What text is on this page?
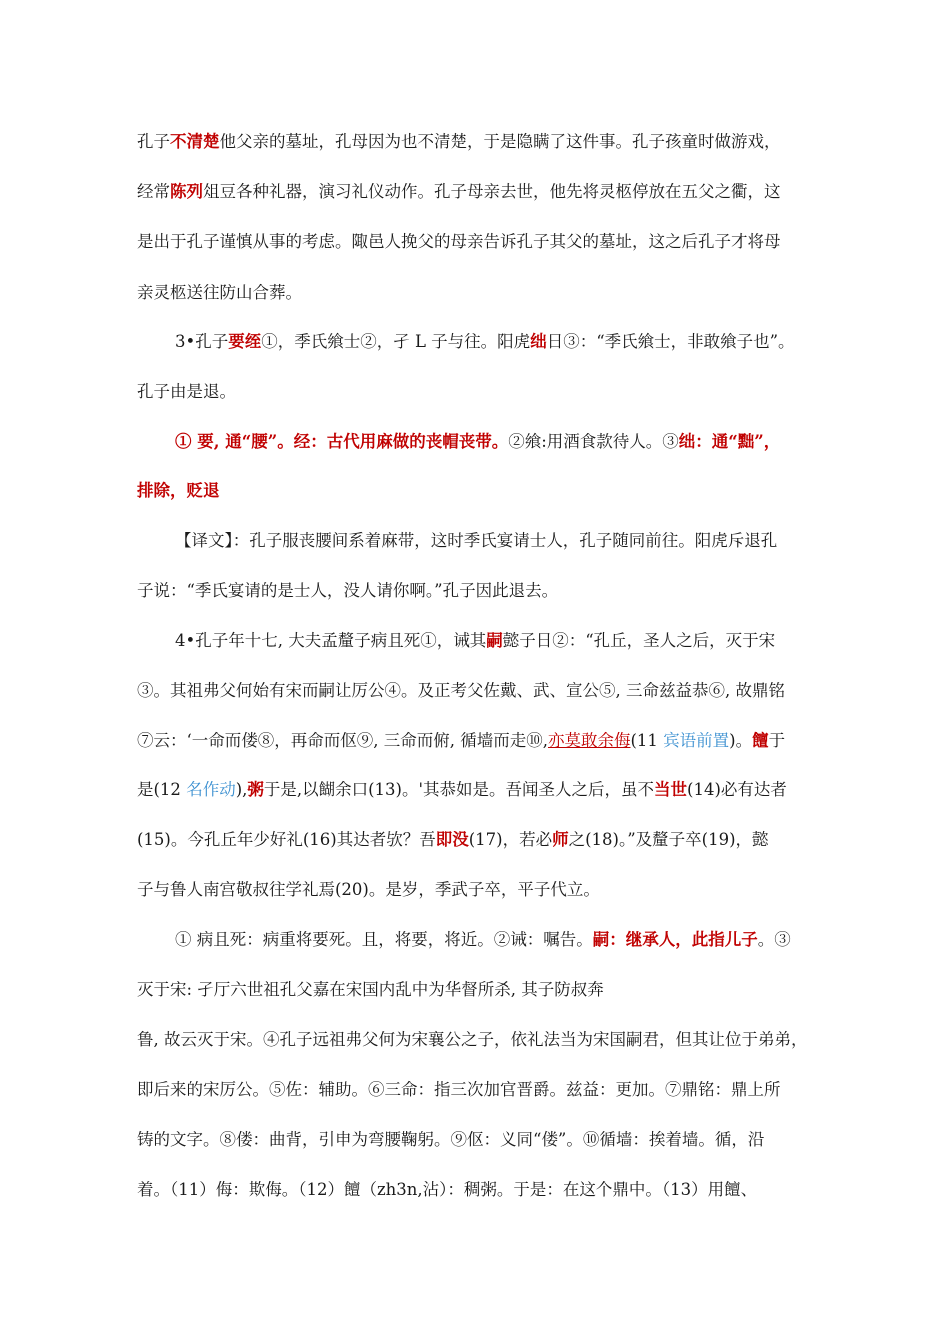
孔子不清楚他父亲的墓址，孔母因为也不清楚，于是隐瞒了这件事。孔子孩童时做游戏，
经常陈列俎豆各种礼器，演习礼仪动作。孔子母亲去世，他先将灵柩停放在五父之衢，这
是出于孔子谨慎从事的考虑。陬邑人挽父的母亲告诉孔子其父的墓址，这之后孔子才将母
亲灵柩送往防山合葬。
3•孔子要绖①，季氏飨士②，孑 L 子与往。阳虎绌日③：“季氏飨士，非敢飨子也”。
孔子由是退。
① 要, 通“腰”。经：古代用麻做的丧帽丧带。②飨:用酒食款待人。③绌：通“黜”，
排除，贬退
【译文】：孔子服丧腰间系着麻带，这时季氏宴请士人，孔子随同前往。阳虎斥退孔
子说：“季氏宴请的是士人，没人请你啊。”孔子因此退去。
4•孔子年十七, 大夫孟釐子病且死①，诫其嗣懿子日②：“孔丘，圣人之后，灭于宋
③。其祖弗父何始有宋而嗣让厉公④。及正考父佐戴、武、宣公⑤, 三命兹益恭⑥, 故鼎铭
⑦云：‘一命而偻⑧，再命而伛⑨, 三命而俯, 循墙而走⑩,亦莫敢余侮(11 宾语前置)。饘于
是(12 名作动),粥于是,以餬余口(13)。'其恭如是。吾闻圣人之后，虽不当世(14)必有达者
(15)。今孔丘年少好礼(16)其达者欤？吾即没(17)，若必师之(18)。”及釐子卒(19)，懿
子与鲁人南宫敬叔往学礼焉(20)。是岁，季武子卒，平子代立。
① 病且死：病重将要死。且，将要，将近。②诫：嘱告。嗣：继承人，此指儿子。③
灭于宋: 孑厅六世祖孔父嘉在宋国内乱中为华督所杀, 其子防叔奔
鲁, 故云灭于宋。④孔子远祖弗父何为宋襄公之子，依礼法当为宋国嗣君，但其让位于弟弟，
即后来的宋厉公。⑤佐：辅助。⑥三命：指三次加官晋爵。兹益：更加。⑦鼎铭：鼎上所
铸的文字。⑧偻：曲背，引申为弯腰鞠躬。⑨伛：义同“偻”。⑩循墙：挨着墙。循，沿
着。（11）侮：欺侮。（12）饘（zh3n,沾）：稠粥。于是：在这个鼎中。（13）用饘、
